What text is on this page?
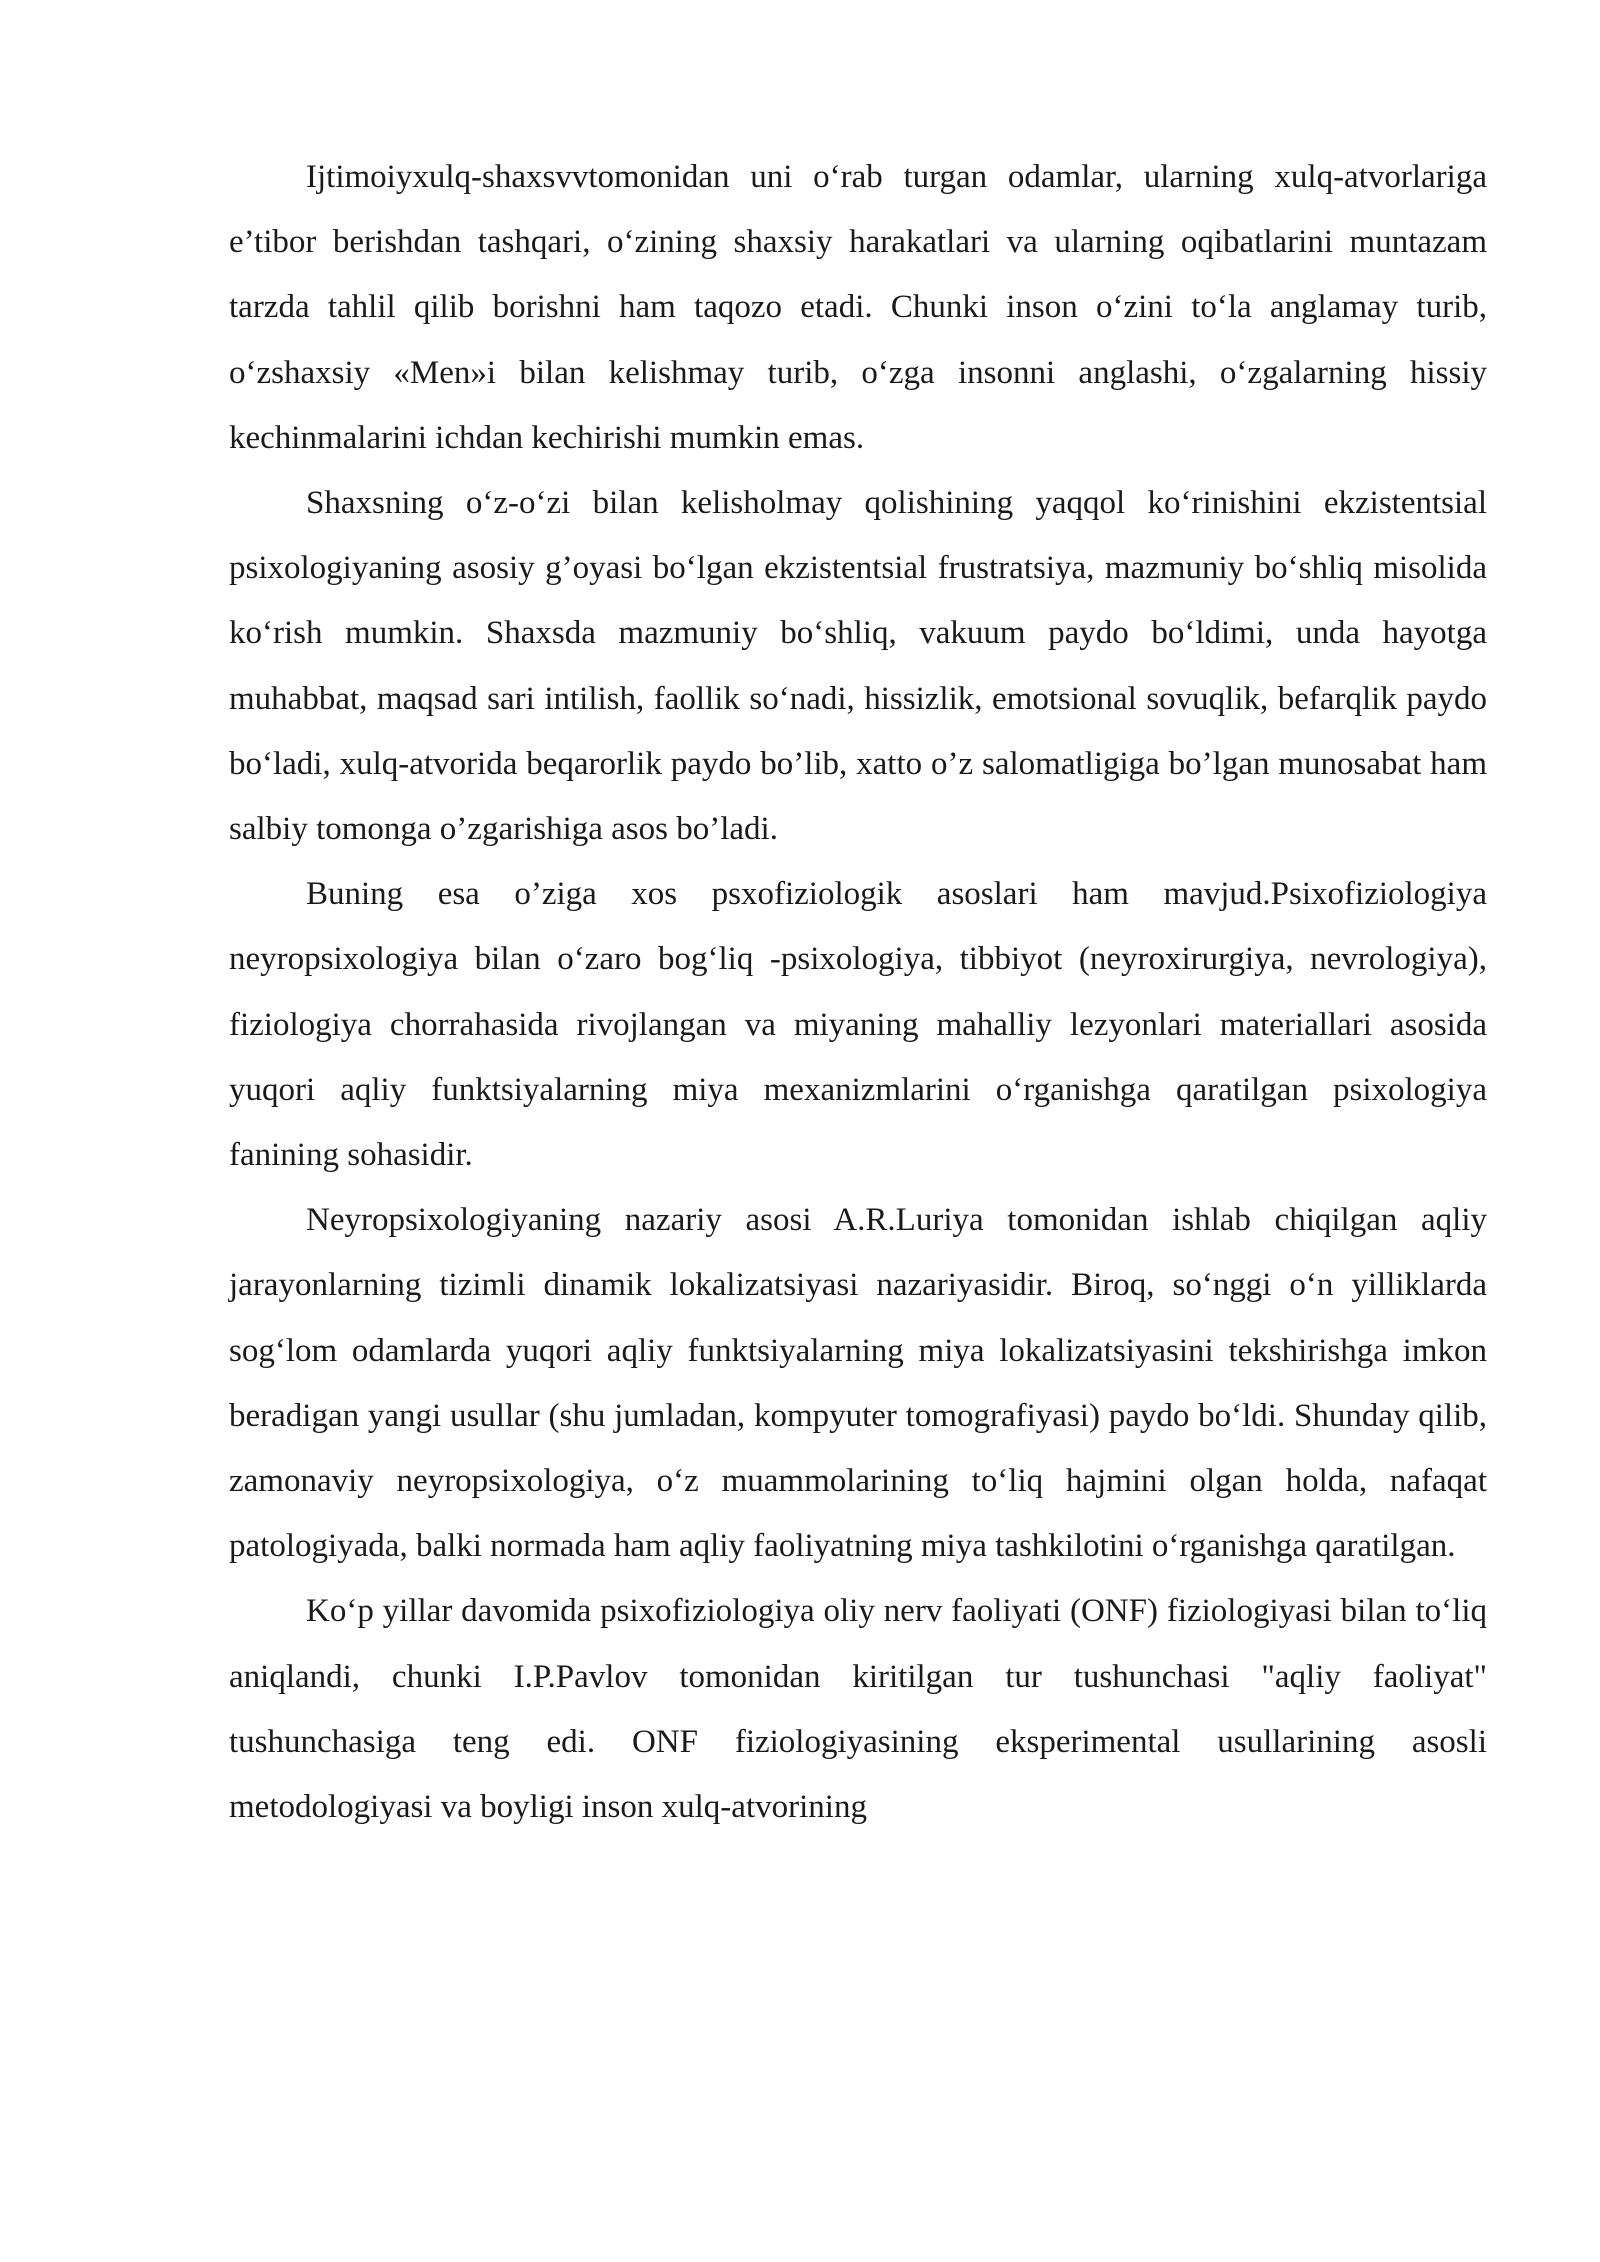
Ijtimoiyxulq-shaxsvvtomonidan uni o‘rab turgan odamlar, ularning xulq-atvorlariga e’tibor berishdan tashqari, o‘zining shaxsiy harakatlari va ularning oqibatlarini muntazam tarzda tahlil qilib borishni ham taqozo etadi. Chunki inson o‘zini to‘la anglamay turib, o‘zshaxsiy «Men»i bilan kelishmay turib, o‘zga insonni anglashi, o‘zgalarning hissiy kechinmalarini ichdan kechirishi mumkin emas.

Shaxsning o‘z-o‘zi bilan kelisholmay qolishining yaqqol ko‘rinishini ekzistentsial psixologiyaning asosiy g’oyasi bo‘lgan ekzistentsial frustratsiya, mazmuniy bo‘shliq misolida ko‘rish mumkin. Shaxsda mazmuniy bo‘shliq, vakuum paydo bo‘ldimi, unda hayotga muhabbat, maqsad sari intilish, faollik so‘nadi, hissizlik, emotsional sovuqlik, befarqlik paydo bo‘ladi, xulq-atvorida beqarorlik paydo bo’lib, xatto o’z salomatligiga bo’lgan munosabat ham salbiy tomonga o’zgarishiga asos bo’ladi.

Buning esa o’ziga xos psxofiziologik asoslari ham mavjud.Psixofiziologiya neyropsixologiya bilan o‘zaro bog‘liq -psixologiya, tibbiyot (neyroxirurgiya, nevrologiya), fiziologiya chorrahasida rivojlangan va miyaning mahalliy lezyonlari materiallari asosida yuqori aqliy funktsiyalarning miya mexanizmlarini o‘rganishga qaratilgan psixologiya fanining sohasidir.

Neyropsixologiyaning nazariy asosi A.R.Luriya tomonidan ishlab chiqilgan aqliy jarayonlarning tizimli dinamik lokalizatsiyasi nazariyasidir. Biroq, so‘nggi o‘n yilliklarda sog‘lom odamlarda yuqori aqliy funktsiyalarning miya lokalizatsiyasini tekshirishga imkon beradigan yangi usullar (shu jumladan, kompyuter tomografiyasi) paydo bo‘ldi. Shunday qilib, zamonaviy neyropsixologiya, o‘z muammolarining to‘liq hajmini olgan holda, nafaqat patologiyada, balki normada ham aqliy faoliyatning miya tashkilotini o‘rganishga qaratilgan.

Ko‘p yillar davomida psixofiziologiya oliy nerv faoliyati (ONF) fiziologiyasi bilan to‘liq aniqlandi, chunki I.P.Pavlov tomonidan kiritilgan tur tushunchasi "aqliy faoliyat" tushunchasiga teng edi. ONF fiziologiyasining eksperimental usullarining asosli metodologiyasi va boyligi inson xulq-atvorining
